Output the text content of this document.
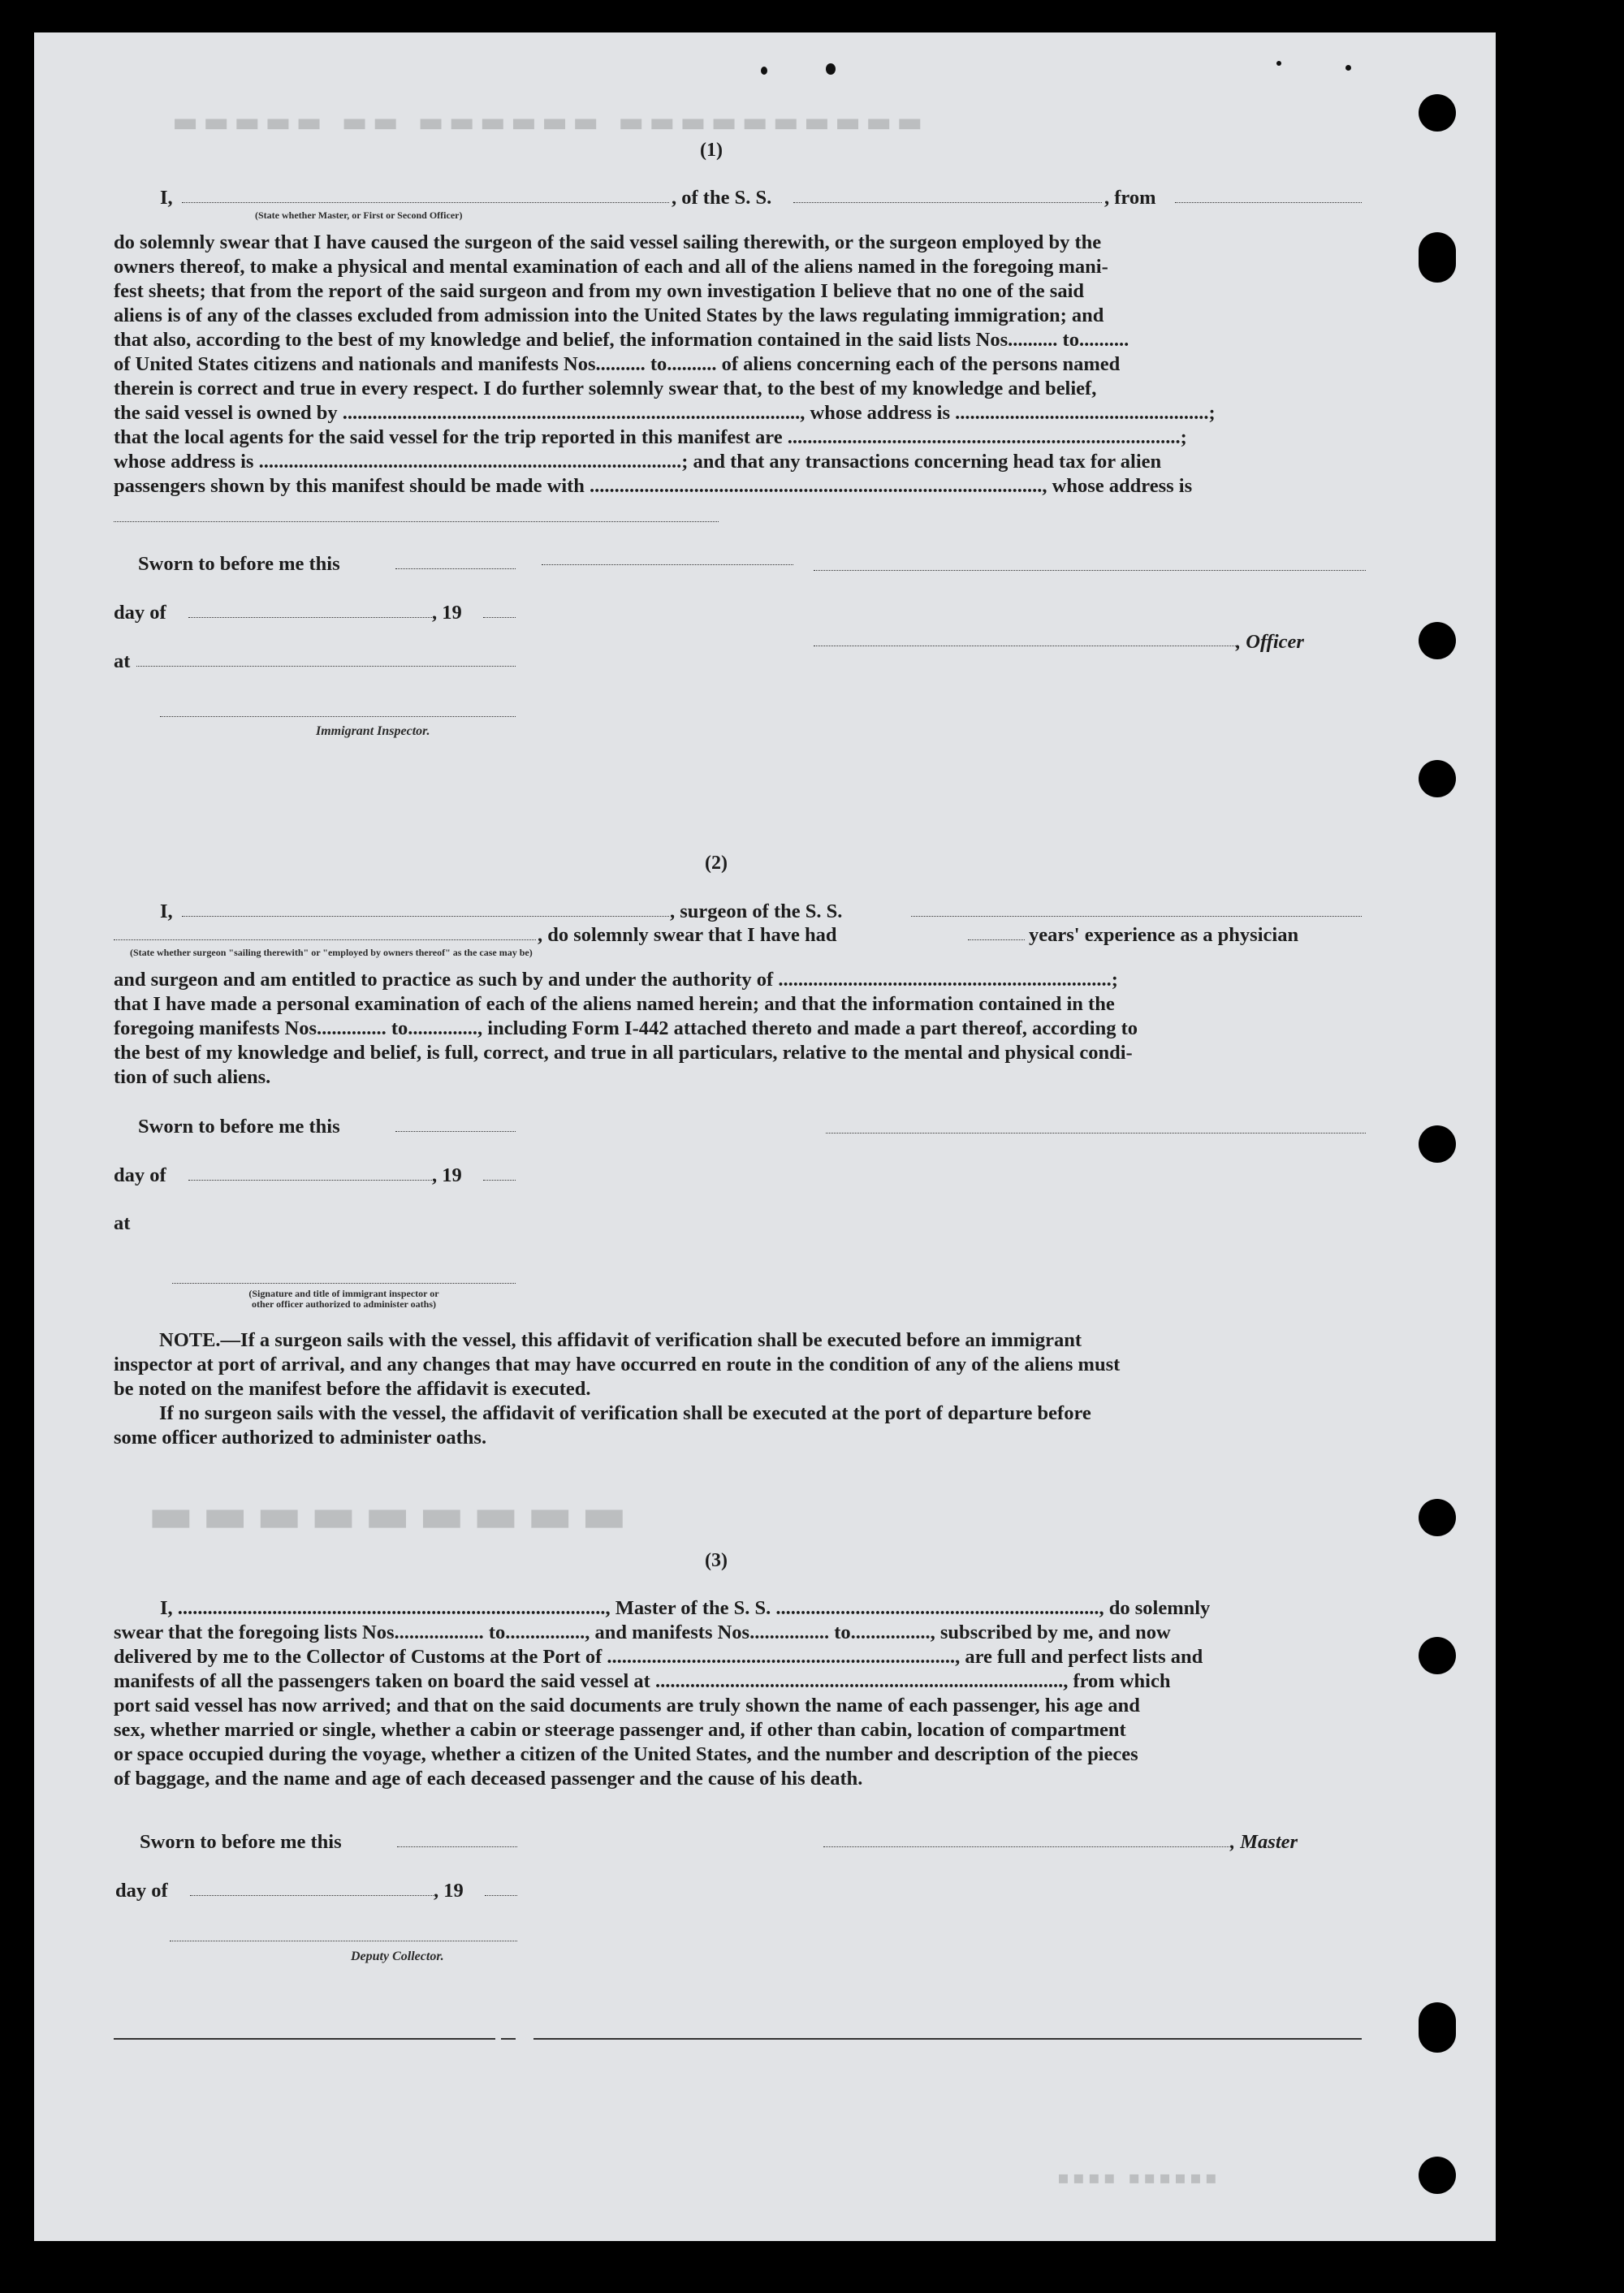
▬▬▬▬▬ ▬▬ ▬▬▬▬▬▬ ▬▬▬▬▬▬▬▬▬▬
▬▬▬▬▬▬▬▬▬
(1)
I,	, of the S. S.	, from
(State whether Master, or First or Second Officer)
do solemnly swear that I have caused the surgeon of the said vessel sailing therewith, or the surgeon employed by the
owners thereof, to make a physical and mental examination of each and all of the aliens named in the foregoing mani-
fest sheets; that from the report of the said surgeon and from my own investigation I believe that no one of the said
aliens is of any of the classes excluded from admission into the United States by the laws regulating immigration; and
that also, according to the best of my knowledge and belief, the information contained in the said lists Nos.......... to..........
of United States citizens and nationals and manifests Nos.......... to.......... of aliens concerning each of the persons named
therein is correct and true in every respect. I do further solemnly swear that, to the best of my knowledge and belief,
the said vessel is owned by ............................................................................................, whose address is ...................................................;
that the local agents for the said vessel for the trip reported in this manifest are ...............................................................................;
whose address is .....................................................................................; and that any transactions concerning head tax for alien
passengers shown by this manifest should be made with ..........................................................................................., whose address is
Sworn to before me this
day of	, 19
, Officer
at
Immigrant Inspector.
(2)
I,	, surgeon of the S. S.
, do solemnly swear that I have had	years' experience as a physician
(State whether surgeon "sailing therewith" or "employed by owners thereof" as the case may be)
and surgeon and am entitled to practice as such by and under the authority of ...................................................................;
that I have made a personal examination of each of the aliens named herein; and that the information contained in the
foregoing manifests Nos.............. to.............., including Form I-442 attached thereto and made a part thereof, according to
the best of my knowledge and belief, is full, correct, and true in all particulars, relative to the mental and physical condi-
tion of such aliens.
Sworn to before me this
day of	, 19
at
(Signature and title of immigrant inspector or
other officer authorized to administer oaths)
NOTE.—If a surgeon sails with the vessel, this affidavit of verification shall be executed before an immigrant
inspector at port of arrival, and any changes that may have occurred en route in the condition of any of the aliens must
be noted on the manifest before the affidavit is executed.
If no surgeon sails with the vessel, the affidavit of verification shall be executed at the port of departure before
some officer authorized to administer oaths.
(3)
I, ......................................................................................, Master of the S. S. ................................................................., do solemnly
swear that the foregoing lists Nos.................. to................, and manifests Nos................ to................, subscribed by me, and now
delivered by me to the Collector of Customs at the Port of ......................................................................, are full and perfect lists and
manifests of all the passengers taken on board the said vessel at .................................................................................., from which
port said vessel has now arrived; and that on the said documents are truly shown the name of each passenger, his age and
sex, whether married or single, whether a cabin or steerage passenger and, if other than cabin, location of compartment
or space occupied during the voyage, whether a citizen of the United States, and the number and description of the pieces
of baggage, and the name and age of each deceased passenger and the cause of his death.
Sworn to before me this	, Master
day of	, 19
Deputy Collector.
▪▪▪▪ ▪▪▪▪▪▪
